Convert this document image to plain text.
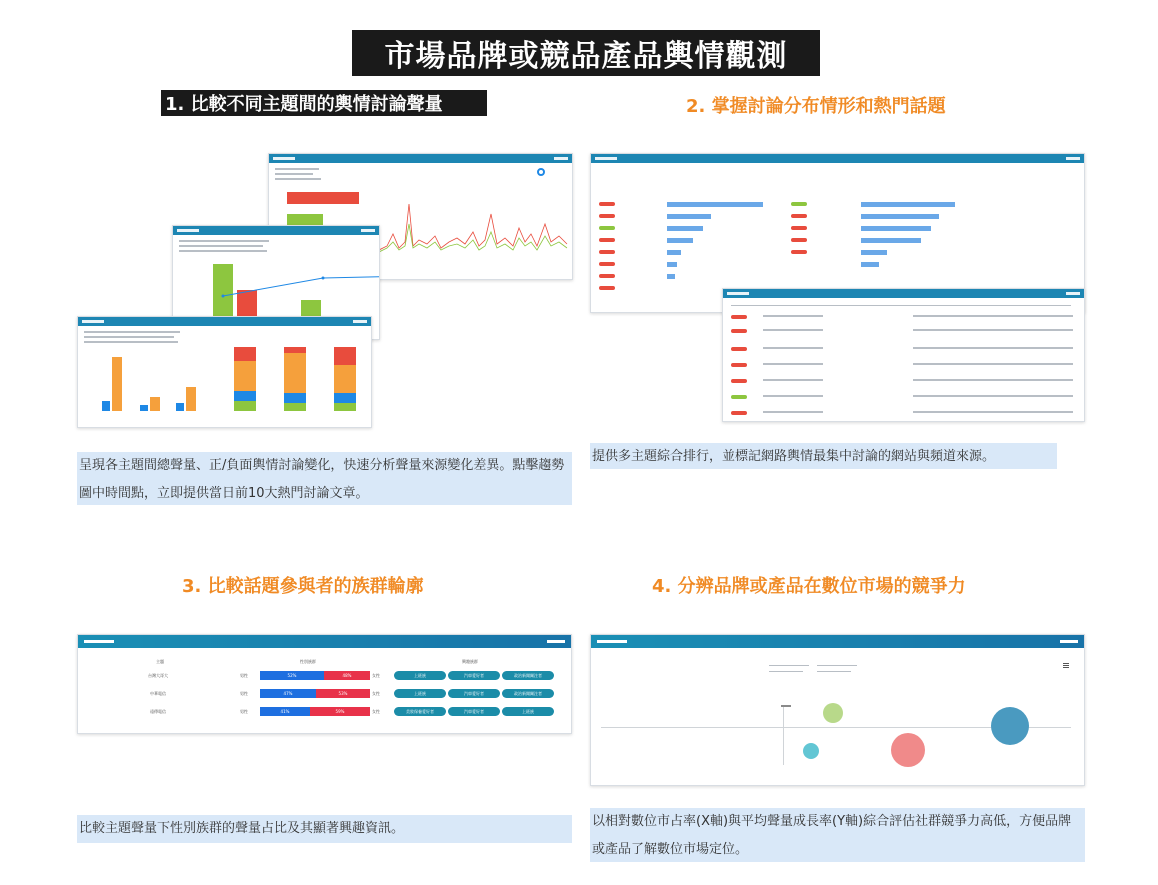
市場品牌或競品產品輿情觀測
1. 比較不同主題間的輿情討論聲量	2. 掌握討論分布情形和熱門話題
3. 比較話題參與者的族群輪廓	4. 分辨品牌或產品在數位市場的競爭力
呈現各主題間總聲量、正/負面輿情討論變化，快速分析聲量來源變化差異。點擊趨勢圖中時間點，立即提供當日前10大熱門討論文章。
提供多主題綜合排行，並標記網路輿情最集中討論的網站與頻道來源。
主題	性別族群	興趣族群
台灣大哥大	男性	52%	48%	女性	上班族	汽車愛好者	政治新聞關注者
中華電信	男性	47%	53%	女性	上班族	汽車愛好者	政治新聞關注者
遠傳電信	男性	41%	59%	女性	美妝保養愛好者	汽車愛好者	上班族
比較主題聲量下性別族群的聲量占比及其顯著興趣資訊。	以相對數位市占率(X軸)與平均聲量成長率(Y軸)綜合評估社群競爭力高低，方便品牌或產品了解數位市場定位。
